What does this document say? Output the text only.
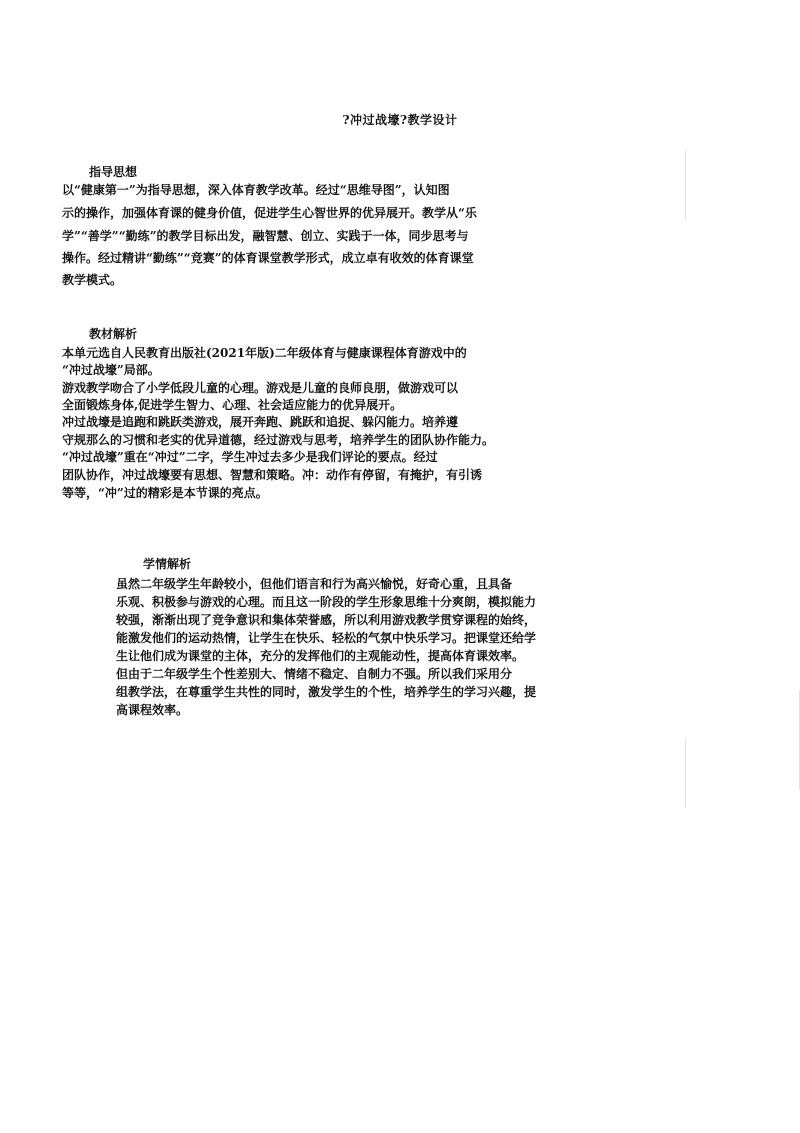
?冲过战壕?教学设计
指导思想
以“健康第一”为指导思想，深入体育教学改革。经过“思维导图”，认知图
示的操作，加强体育课的健身价值，促进学生心智世界的优异展开。教学从“乐
学”“善学”“勤练”的教学目标出发，融智慧、创立、实践于一体，同步思考与
操作。经过精讲“勤练”“竞赛”的体育课堂教学形式，成立卓有收效的体育课堂
教学模式。
教材解析
本单元选自人民教育出版社(2021年版)二年级体育与健康课程体育游戏中的
“冲过战壕”局部。
游戏教学吻合了小学低段儿童的心理。游戏是儿童的良师良朋，做游戏可以
全面锻炼身体,促进学生智力、心理、社会适应能力的优异展开。
冲过战壕是追跑和跳跃类游戏，展开奔跑、跳跃和追捉、躲闪能力。培养遵
守规那么的习惯和老实的优异道德，经过游戏与思考，培养学生的团队协作能力。
“冲过战壕”重在“冲过”二字，学生冲过去多少是我们评论的要点。经过
团队协作，冲过战壕要有思想、智慧和策略。冲：动作有停留，有掩护，有引诱
等等，“冲”过的精彩是本节课的亮点。
学情解析
虽然二年级学生年龄较小，但他们语言和行为高兴愉悦，好奇心重，且具备
乐观、积极参与游戏的心理。而且这一阶段的学生形象思维十分爽朗，模拟能力
较强，渐渐出现了竞争意识和集体荣誉感，所以利用游戏教学贯穿课程的始终，
能激发他们的运动热情，让学生在快乐、轻松的气氛中快乐学习。把课堂还给学
生让他们成为课堂的主体，充分的发挥他们的主观能动性，提高体育课效率。
但由于二年级学生个性差别大、情绪不稳定、自制力不强。所以我们采用分
组教学法，在尊重学生共性的同时，激发学生的个性，培养学生的学习兴趣，提
高课程效率。
